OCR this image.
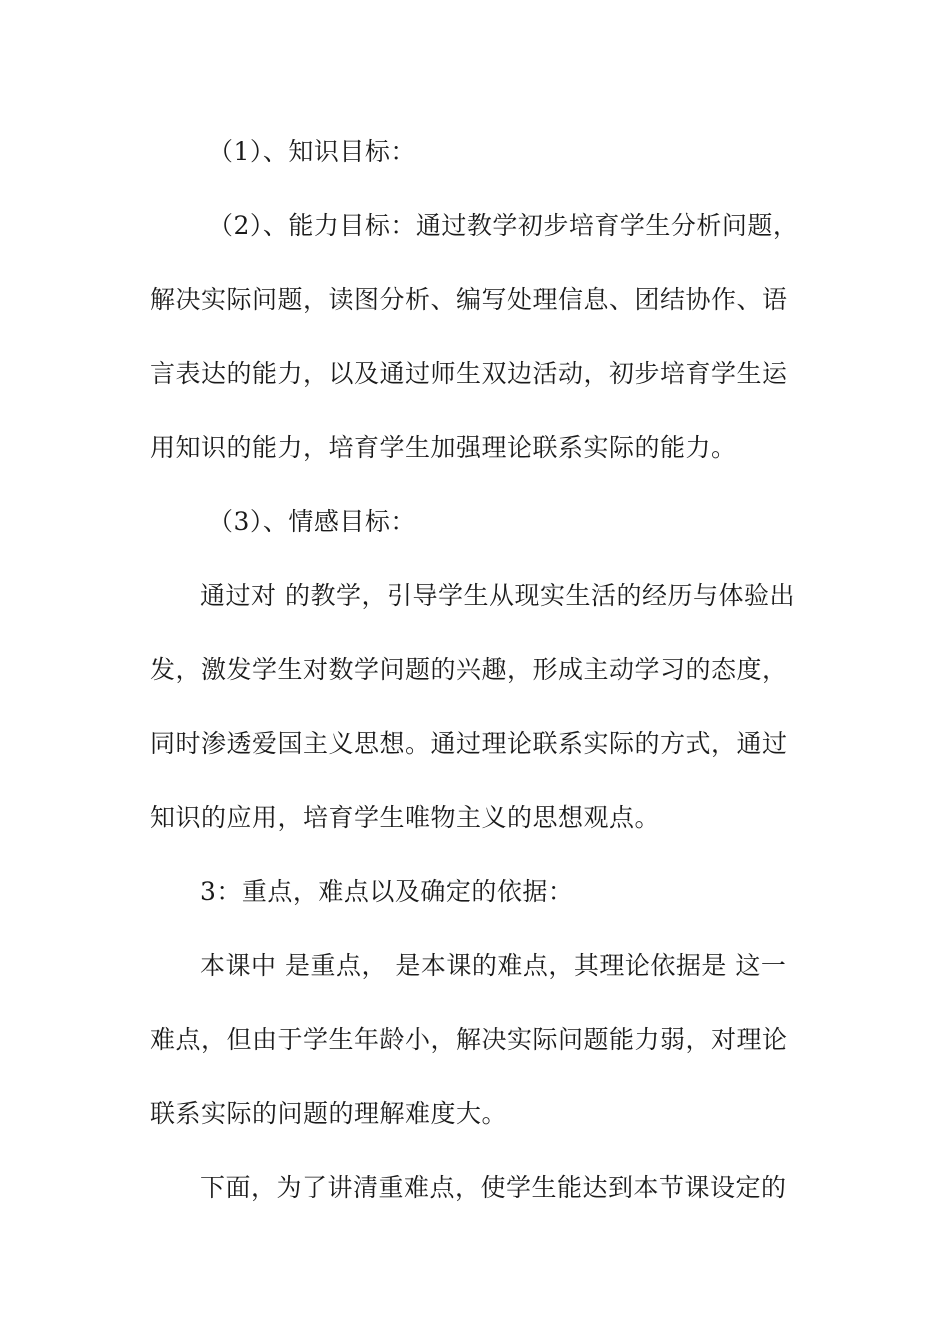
（1）、知识目标：
（2）、能力目标：通过教学初步培育学生分析问题，
解决实际问题，读图分析、编写处理信息、团结协作、语
言表达的能力，以及通过师生双边活动，初步培育学生运
用知识的能力，培育学生加强理论联系实际的能力。
（3）、情感目标：
通过对 的教学，引导学生从现实生活的经历与体验出
发，激发学生对数学问题的兴趣，形成主动学习的态度，
同时渗透爱国主义思想。通过理论联系实际的方式，通过
知识的应用，培育学生唯物主义的思想观点。
3：重点，难点以及确定的依据：
本课中 是重点， 是本课的难点，其理论依据是 这一
难点，但由于学生年龄小，解决实际问题能力弱，对理论
联系实际的问题的理解难度大。
下面，为了讲清重难点，使学生能达到本节课设定的
